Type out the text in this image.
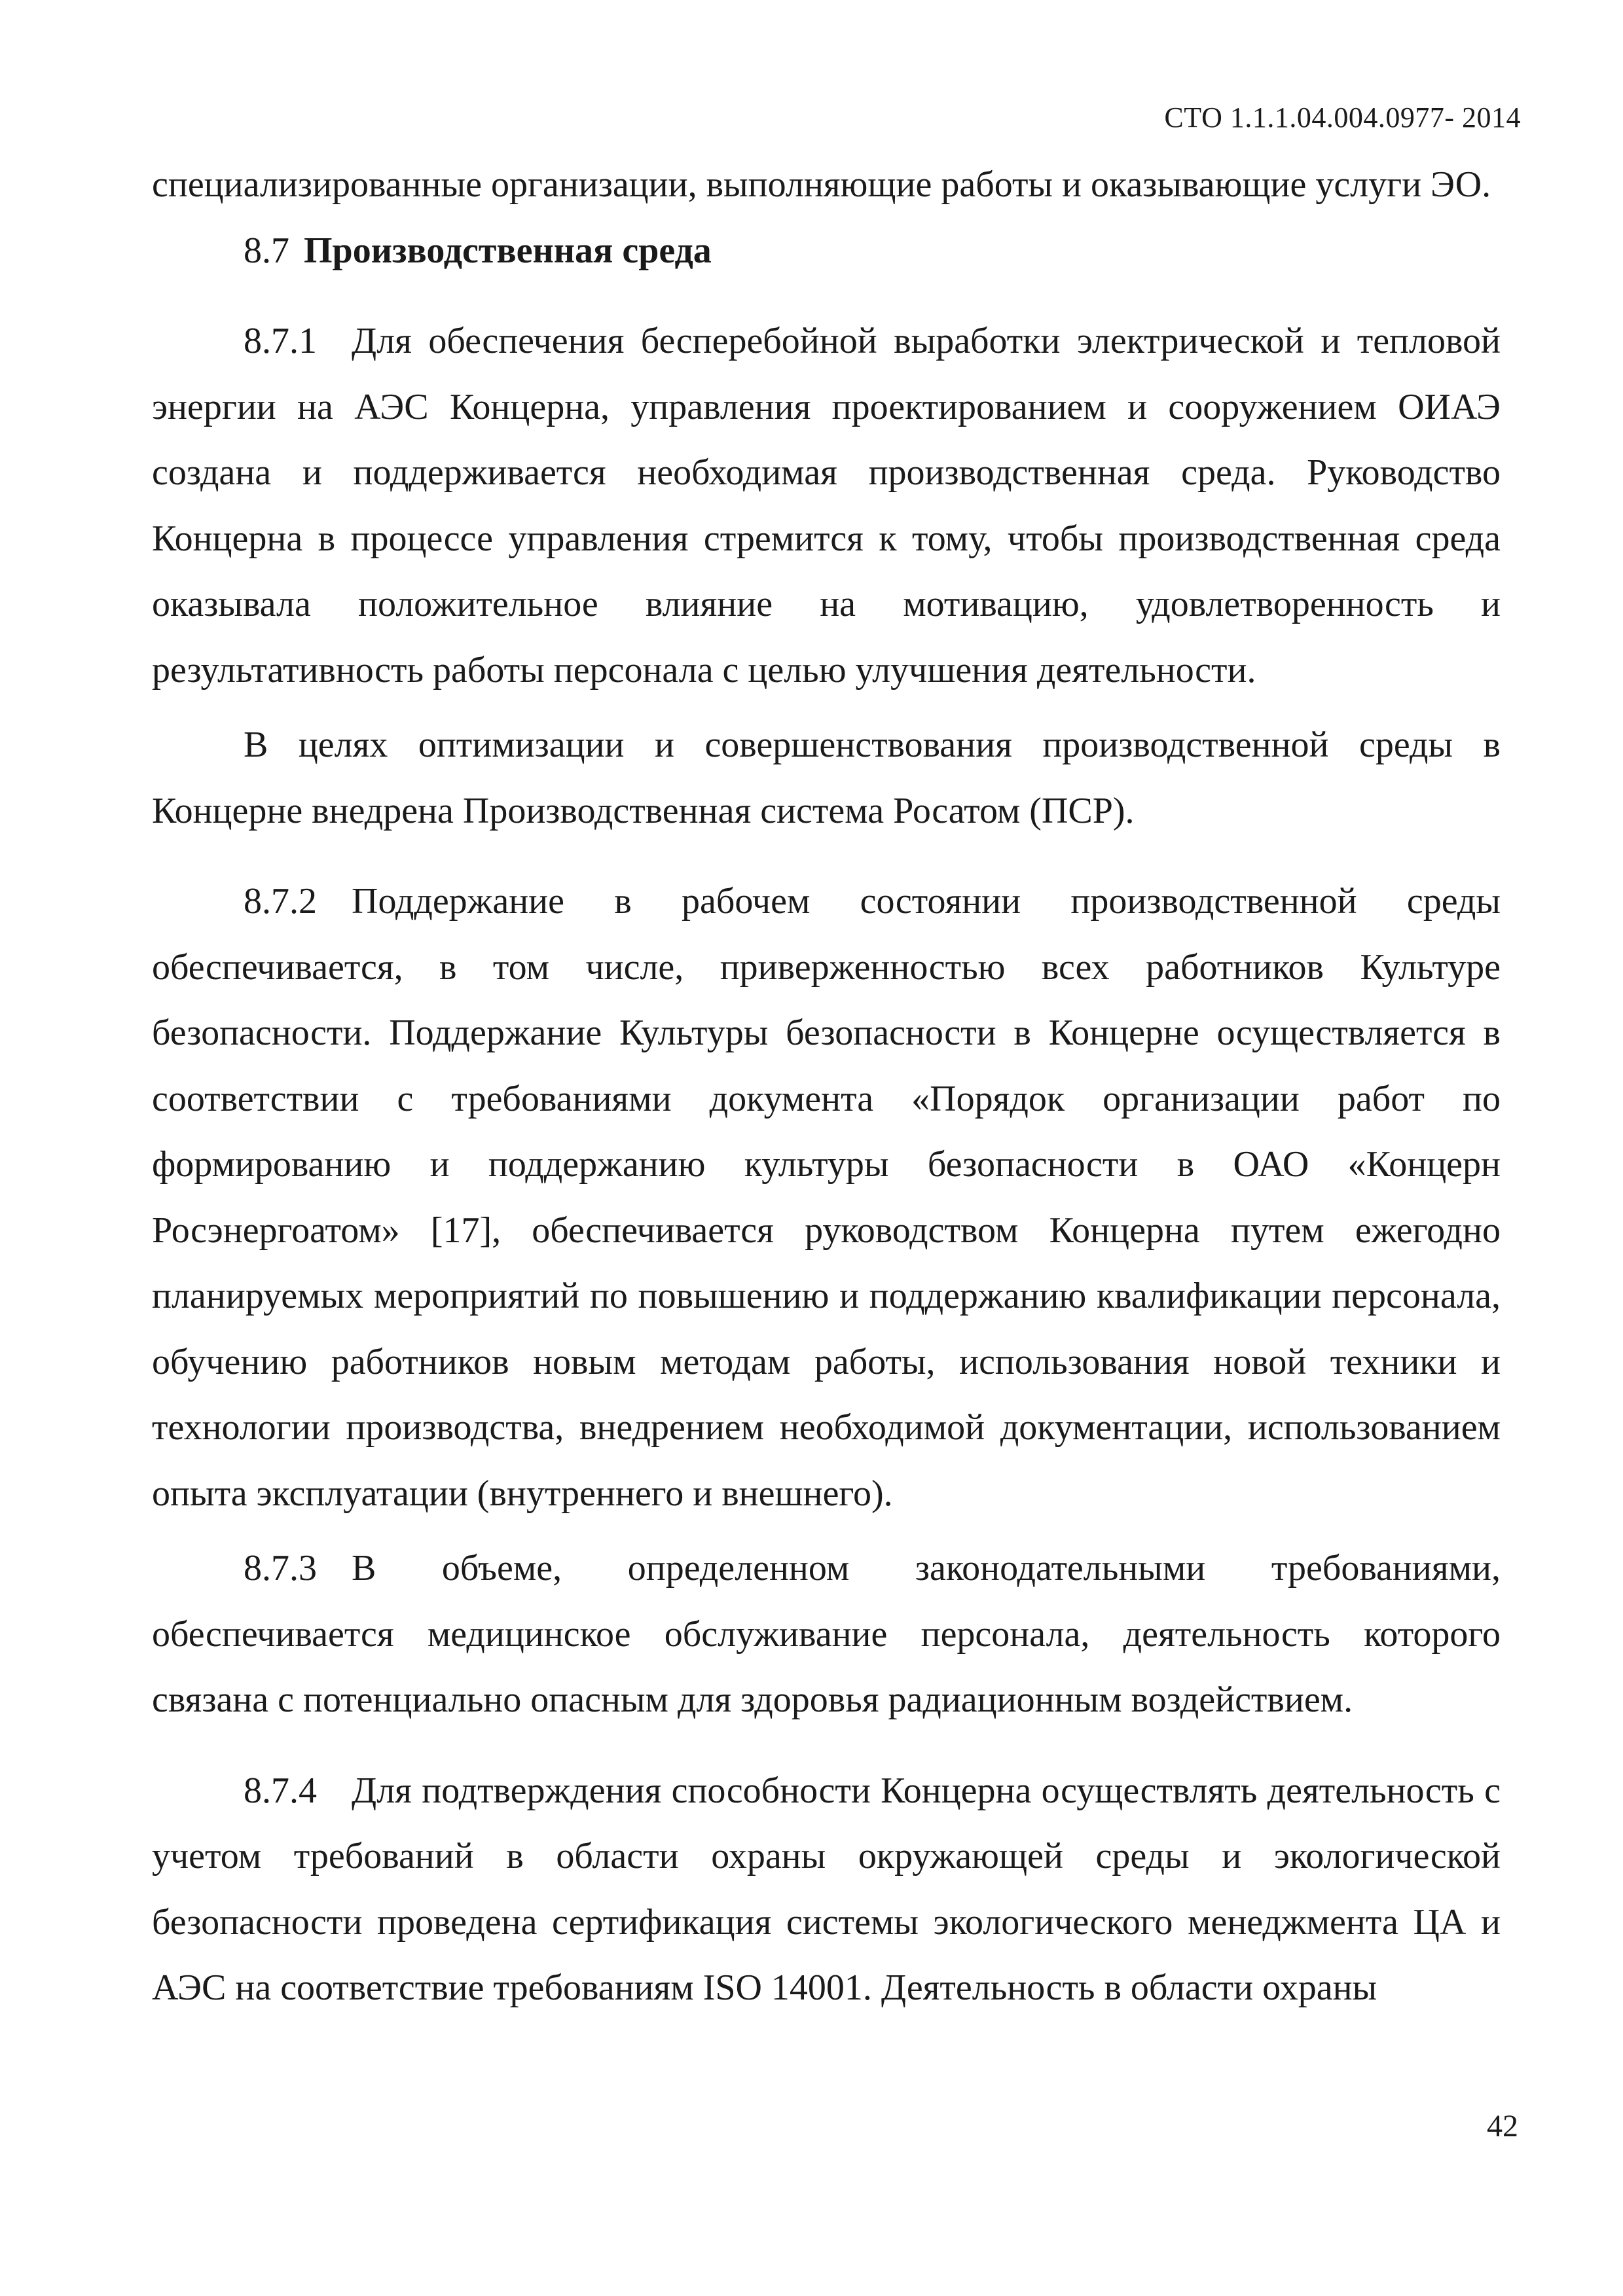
СТО 1.1.1.04.004.0977- 2014

специализированные организации, выполняющие работы и оказывающие услуги ЭО.

8.7 Производственная среда

8.7.1 Для обеспечения бесперебойной выработки электрической и тепловой энергии на АЭС Концерна, управления проектированием и сооружением ОИАЭ создана и поддерживается необходимая производственная среда. Руководство Концерна в процессе управления стремится к тому, чтобы производственная среда оказывала положительное влияние на мотивацию, удовлетворенность и результативность работы персонала с целью улучшения деятельности.

В целях оптимизации и совершенствования производственной среды в Концерне внедрена Производственная система Росатом (ПСР).

8.7.2 Поддержание в рабочем состоянии производственной среды обеспечивается, в том числе, приверженностью всех работников Культуре безопасности. Поддержание Культуры безопасности в Концерне осуществляется в соответствии с требованиями документа «Порядок организации работ по формированию и поддержанию культуры безопасности в ОАО «Концерн Росэнергоатом» [17], обеспечивается руководством Концерна путем ежегодно планируемых мероприятий по повышению и поддержанию квалификации персонала, обучению работников новым методам работы, использования новой техники и технологии производства, внедрением необходимой документации, использованием опыта эксплуатации (внутреннего и внешнего).

8.7.3 В объеме, определенном законодательными требованиями, обеспечивается медицинское обслуживание персонала, деятельность которого связана с потенциально опасным для здоровья радиационным воздействием.

8.7.4 Для подтверждения способности Концерна осуществлять деятельность с учетом требований в области охраны окружающей среды и экологической безопасности проведена сертификация системы экологического менеджмента ЦА и АЭС на соответствие требованиям ISO 14001. Деятельность в области охраны

42
